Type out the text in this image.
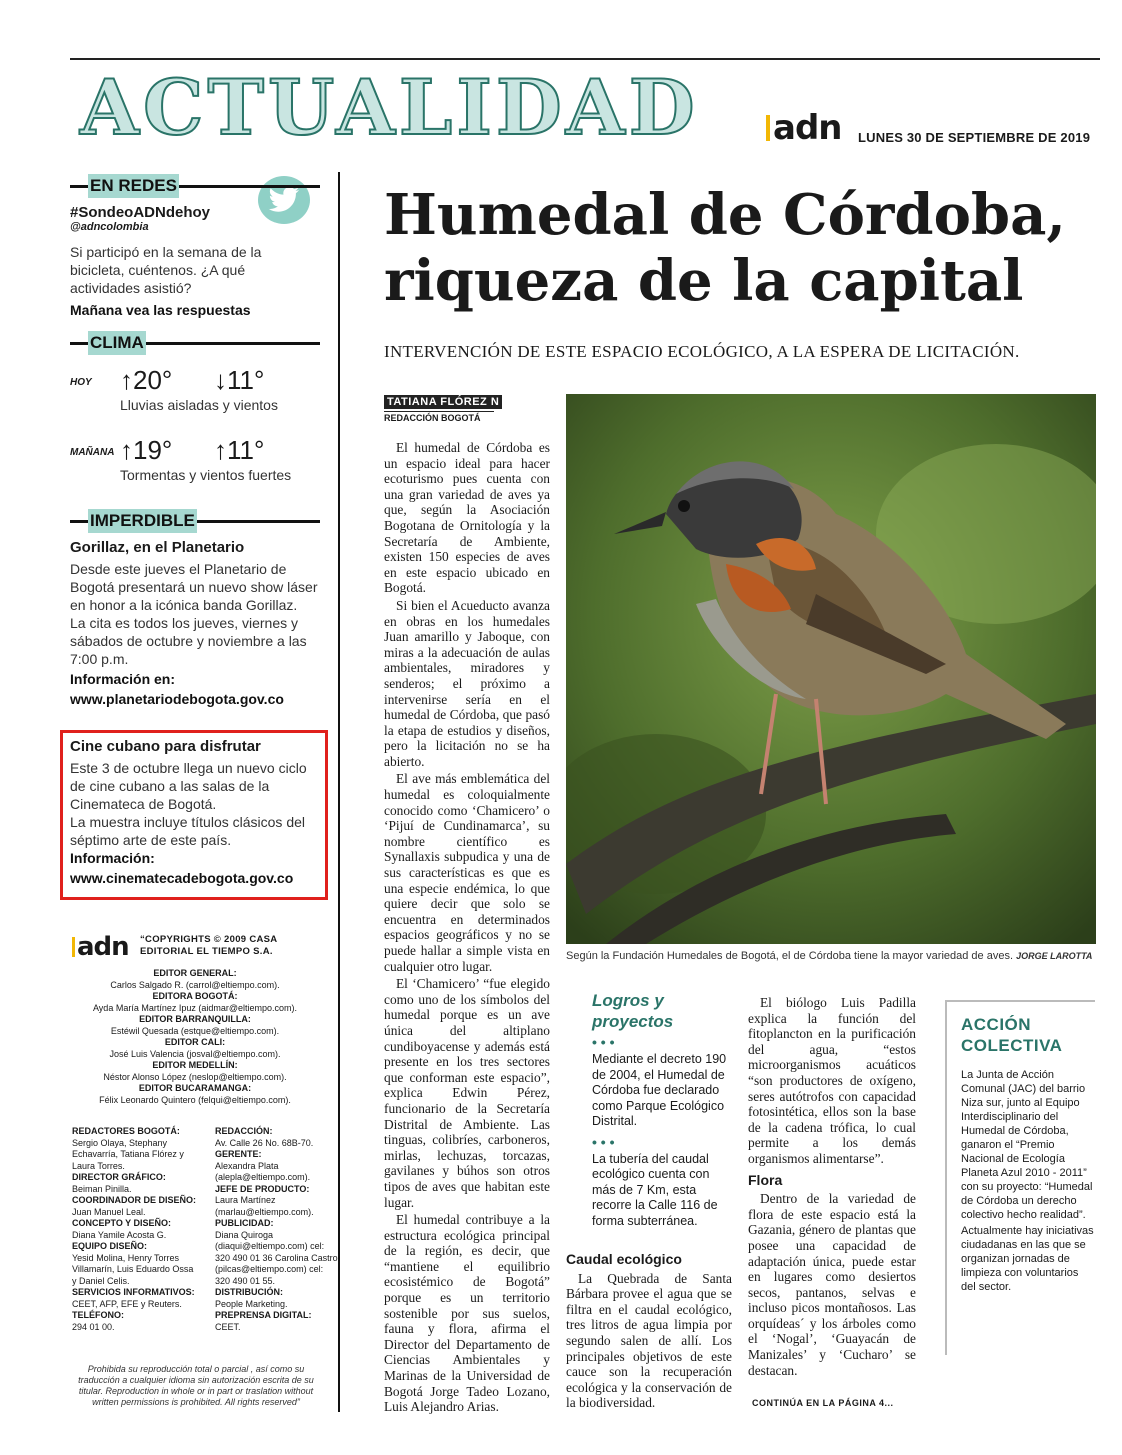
ACTUALIDAD adn LUNES 30 DE SEPTIEMBRE DE 2019
EN REDES
#SondeoADNdehoy
@adncolombia

Si participó en la semana de la bicicleta, cuéntenos. ¿A qué actividades asistió?

Mañana vea las respuestas

CLIMA
HOY ↑20° ↓11°
Lluvias aisladas y vientos
MAÑANA ↑19° ↑11°
Tormentas y vientos fuertes
IMPERDIBLE
Gorillaz, en el Planetario

Desde este jueves el Planetario de Bogotá presentará un nuevo show láser en honor a la icónica banda Gorillaz.

La cita es todos los jueves, viernes y sábados de octubre y noviembre a las 7:00 p.m.

Información en:

www.planetariodebogota.gov.co

Cine cubano para disfrutar

Este 3 de octubre llega un nuevo ciclo de cine cubano a las salas de la Cinemateca de Bogotá.

La muestra incluye títulos clásicos del séptimo arte de este país.

Información:

www.cinematecadebogota.gov.co

adn “COPYRIGHTS © 2009 CASA
EDITORIAL EL TIEMPO S.A.
EDITOR GENERAL:
Carlos Salgado R. (carrol@eltiempo.com).
EDITORA BOGOTÁ:
Ayda María Martínez Ipuz (aidmar@eltiempo.com).
EDITOR BARRANQUILLA:
Estéwil Quesada (estque@eltiempo.com).
EDITOR CALI:
José Luis Valencia (josval@eltiempo.com).
EDITOR MEDELLÍN:
Néstor Alonso López (neslop@eltiempo.com).
EDITOR BUCARAMANGA:
Félix Leonardo Quintero (felqui@eltiempo.com).
REDACTORES BOGOTÁ:
Sergio Olaya, Stephany Echavarría, Tatiana Flórez y Laura Torres.
DIRECTOR GRÁFICO:
Beiman Pinilla.
COORDINADOR DE DISEÑO:
Juan Manuel Leal.
CONCEPTO Y DISEÑO:
Diana Yamile Acosta G.
EQUIPO DISEÑO:
Yesid Molina, Henry Torres Villamarín, Luis Eduardo Ossa y Daniel Celis.
SERVICIOS INFORMATIVOS:
CEET, AFP, EFE y Reuters.
TELÉFONO:
294 01 00.
REDACCIÓN:
Av. Calle 26 No. 68B-70.
GERENTE:
Alexandra Plata (alepla@eltiempo.com).
JEFE DE PRODUCTO:
Laura Martínez (marlau@eltiempo.com).
PUBLICIDAD:
Diana Quiroga (diaqui@eltiempo.com) cel: 320 490 01 36 Carolina Castro (pilcas@eltiempo.com) cel: 320 490 01 55.
DISTRIBUCIÓN:
People Marketing.
PREPRENSA DIGITAL:
CEET.
Prohibida su reproducción total o parcial , así como su traducción a cualquier idioma sin autorización escrita de su titular. Reproduction in whole or in part or traslation without written permissions is prohibited. All rights reserved”
Humedal de Córdoba,
riqueza de la capital
INTERVENCIÓN DE ESTE ESPACIO ECOLÓGICO, A LA ESPERA DE LICITACIÓN.
TATIANA FLÓREZ N
REDACCIÓN BOGOTÁ

El humedal de Córdoba es un espacio ideal para hacer ecoturismo pues cuenta con una gran variedad de aves ya que, según la Asociación Bogotana de Ornitología y la Secretaría de Ambiente, existen 150 especies de aves en este espacio ubicado en Bogotá.

Si bien el Acueducto avanza en obras en los humedales Juan amarillo y Jaboque, con miras a la adecuación de aulas ambientales, miradores y senderos; el próximo a intervenirse sería en el humedal de Córdoba, que pasó la etapa de estudios y diseños, pero la licitación no se ha abierto.

El ave más emblemática del humedal es coloquialmente conocido como ‘Chamicero’ o ‘Pijuí de Cundinamarca’, su nombre científico es Synallaxis subpudica y una de sus características es que es una especie endémica, lo que quiere decir que solo se encuentra en determinados espacios geográficos y no se puede hallar a simple vista en cualquier otro lugar.

El ‘Chamicero’ “fue elegido como uno de los símbolos del humedal porque es un ave única del altiplano cundiboyacense y además está presente en los tres sectores que conforman este espacio”, explica Edwin Pérez, funcionario de la Secretaría Distrital de Ambiente. Las tinguas, colibríes, carboneros, mirlas, lechuzas, torcazas, gavilanes y búhos son otros tipos de aves que habitan este lugar.

El humedal contribuye a la estructura ecológica principal de la región, es decir, que “mantiene el equilibrio ecosistémico de Bogotá” porque es un territorio sostenible por sus suelos, fauna y flora, afirma el Director del Departamento de Ciencias Ambientales y Marinas de la Universidad de Bogotá Jorge Tadeo Lozano, Luis Alejandro Arias.

Según la Fundación Humedales de Bogotá, el de Córdoba tiene la mayor variedad de aves. JORGE LAROTTA
Logros y proyectos
• • •
Mediante el decreto 190 de 2004, el Humedal de Córdoba fue declarado como Parque Ecológico Distrital.
• • •
La tubería del caudal ecológico cuenta con más de 7 Km, esta recorre la Calle 116 de forma subterránea.
Caudal ecológico

La Quebrada de Santa Bárbara provee el agua que se filtra en el caudal ecológico, tres litros de agua limpia por segundo salen de allí. Los principales objetivos de este cauce son la recuperación ecológica y la conservación de la biodiversidad.

El biólogo Luis Padilla explica la función del fitoplancton en la purificación del agua, “estos microorganismos acuáticos “son productores de oxígeno, seres autótrofos con capacidad fotosintética, ellos son la base de la cadena trófica, lo cual permite a los demás organismos alimentarse”.

Flora

Dentro de la variedad de flora de este espacio está la Gazania, género de plantas que posee una capacidad de adaptación única, puede estar en lugares como desiertos secos, pantanos, selvas e incluso picos montañosos. Las orquídeas´ y los árboles como el ‘Nogal’, ‘Guayacán de Manizales’ y ‘Cucharo’ se destacan.

CONTINÚA EN LA PÁGINA 4...
ACCIÓN
COLECTIVA
La Junta de Acción Comunal (JAC) del barrio Niza sur, junto al Equipo Interdisciplinario del Humedal de Córdoba, ganaron el “Premio Nacional de Ecología Planeta Azul 2010 - 2011” con su proyecto: “Humedal de Córdoba un derecho colectivo hecho realidad”.
Actualmente hay iniciativas ciudadanas en las que se organizan jornadas de limpieza con voluntarios del sector.
